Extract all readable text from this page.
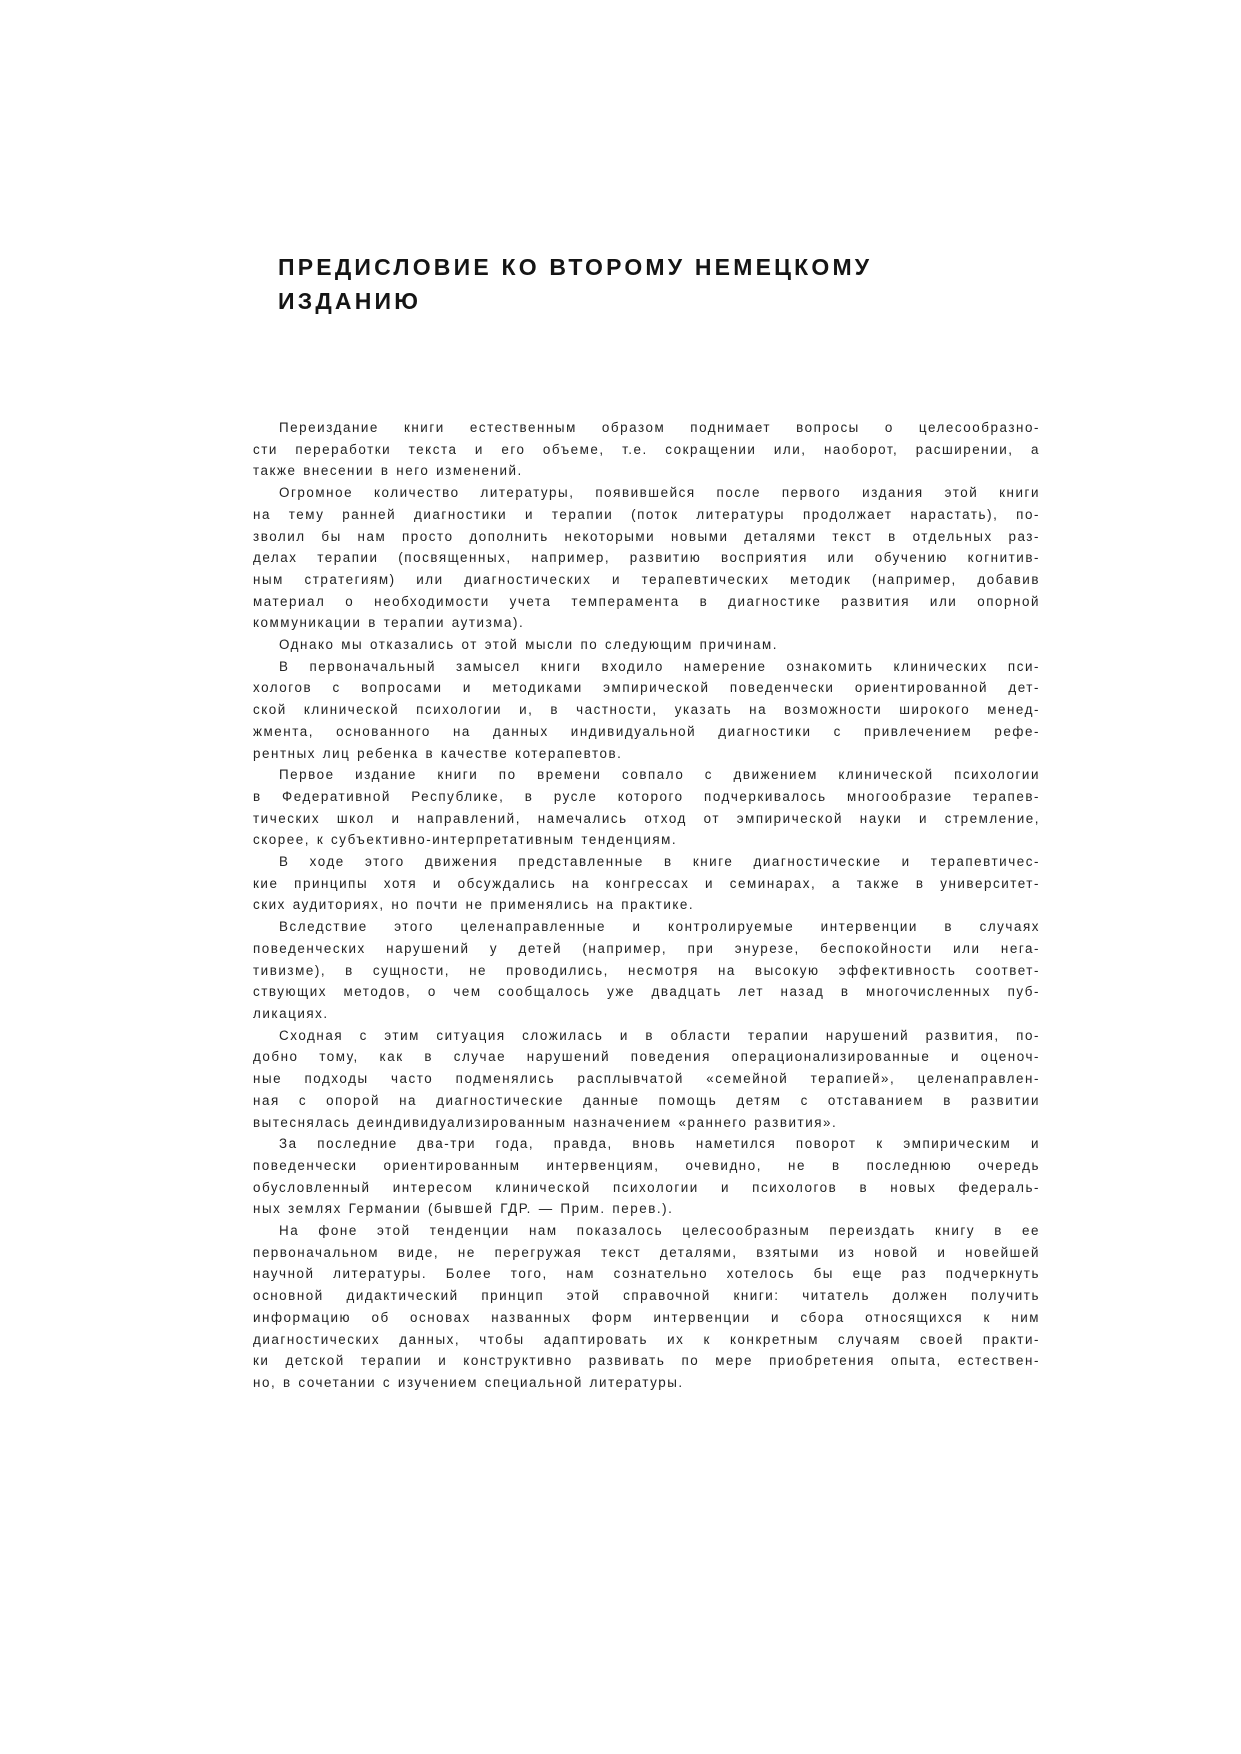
ПРЕДИСЛОВИЕ КО ВТОРОМУ НЕМЕЦКОМУ
ИЗДАНИЮ

Переиздание книги естественным образом поднимает вопросы о целесообразно-
сти переработки текста и его объеме, т.е. сокращении или, наоборот, расширении, а
также внесении в него изменений.

Огромное количество литературы, появившейся после первого издания этой книги
на тему ранней диагностики и терапии (поток литературы продолжает нарастать), по-
зволил бы нам просто дополнить некоторыми новыми деталями текст в отдельных раз-
делах терапии (посвященных, например, развитию восприятия или обучению когнитив-
ным стратегиям) или диагностических и терапевтических методик (например, добавив
материал о необходимости учета темперамента в диагностике развития или опорной
коммуникации в терапии аутизма).

Однако мы отказались от этой мысли по следующим причинам.

В первоначальный замысел книги входило намерение ознакомить клинических пси-
хологов с вопросами и методиками эмпирической поведенчески ориентированной дет-
ской клинической психологии и, в частности, указать на возможности широкого менед-
жмента, основанного на данных индивидуальной диагностики с привлечением рефе-
рентных лиц ребенка в качестве котерапевтов.

Первое издание книги по времени совпало с движением клинической психологии
в Федеративной Республике, в русле которого подчеркивалось многообразие терапев-
тических школ и направлений, намечались отход от эмпирической науки и стремление,
скорее, к субъективно-интерпретативным тенденциям.

В ходе этого движения представленные в книге диагностические и терапевтичес-
кие принципы хотя и обсуждались на конгрессах и семинарах, а также в университет-
ских аудиториях, но почти не применялись на практике.

Вследствие этого целенаправленные и контролируемые интервенции в случаях
поведенческих нарушений у детей (например, при энурезе, беспокойности или нега-
тивизме), в сущности, не проводились, несмотря на высокую эффективность соответ-
ствующих методов, о чем сообщалось уже двадцать лет назад в многочисленных пуб-
ликациях.

Сходная с этим ситуация сложилась и в области терапии нарушений развития, по-
добно тому, как в случае нарушений поведения операционализированные и оценоч-
ные подходы часто подменялись расплывчатой «семейной терапией», целенаправлен-
ная с опорой на диагностические данные помощь детям с отставанием в развитии
вытеснялась деиндивидуализированным назначением «раннего развития».

За последние два-три года, правда, вновь наметился поворот к эмпирическим и
поведенчески ориентированным интервенциям, очевидно, не в последнюю очередь
обусловленный интересом клинической психологии и психологов в новых федераль-
ных землях Германии (бывшей ГДР. — Прим. перев.).

На фоне этой тенденции нам показалось целесообразным переиздать книгу в ее
первоначальном виде, не перегружая текст деталями, взятыми из новой и новейшей
научной литературы. Более того, нам сознательно хотелось бы еще раз подчеркнуть
основной дидактический принцип этой справочной книги: читатель должен получить
информацию об основах названных форм интервенции и сбора относящихся к ним
диагностических данных, чтобы адаптировать их к конкретным случаям своей практи-
ки детской терапии и конструктивно развивать по мере приобретения опыта, естествен-
но, в сочетании с изучением специальной литературы.
